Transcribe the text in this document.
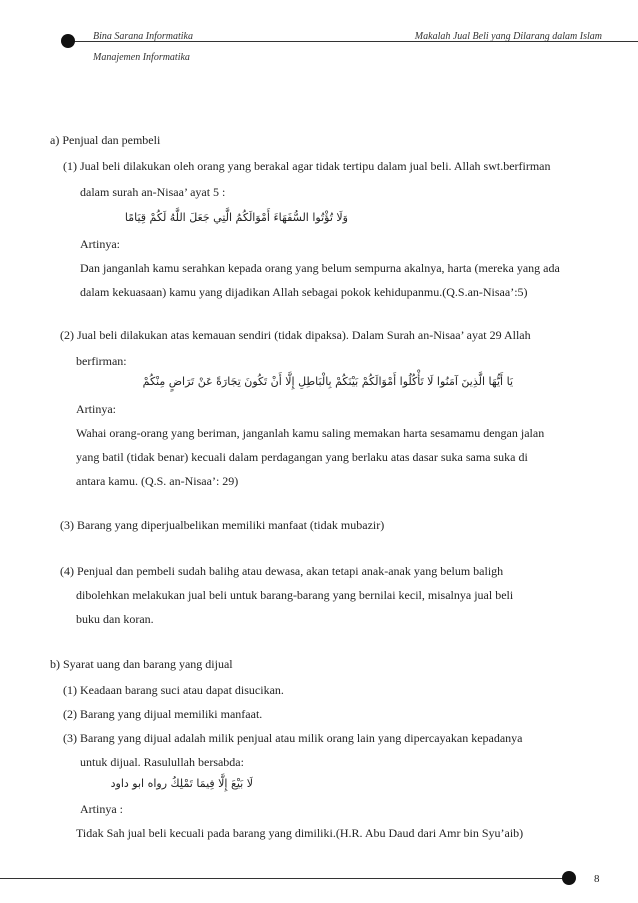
Bina Sarana Informatika
Manajemen Informatika
Makalah Jual Beli yang Dilarang dalam Islam
a) Penjual dan pembeli
(1) Jual beli dilakukan oleh orang yang berakal agar tidak tertipu dalam jual beli. Allah swt.berfirman
dalam surah an-Nisaa’ ayat 5 :
وَلَا تُؤْتُوا السُّفَهَاءَ أَمْوَالَكُمُ الَّتِي جَعَلَ اللَّهُ لَكُمْ قِيَامًا
Artinya:
Dan janganlah kamu serahkan kepada orang yang belum sempurna akalnya, harta (mereka yang ada
dalam kekuasaan) kamu yang dijadikan Allah sebagai pokok kehidupanmu.(Q.S.an-Nisaa’:5)
(2) Jual beli dilakukan atas kemauan sendiri (tidak dipaksa). Dalam Surah an-Nisaa’ ayat 29 Allah
berfirman:
يَا أَيُّهَا الَّذِينَ آمَنُوا لَا تَأْكُلُوا أَمْوَالَكُمْ بَيْنَكُمْ بِالْبَاطِلِ إِلَّا أَنْ تَكُونَ تِجَارَةً عَنْ تَرَاضٍ مِنْكُمْ
Artinya:
Wahai orang-orang yang beriman, janganlah kamu saling memakan harta sesamamu dengan jalan
yang batil (tidak benar) kecuali dalam perdagangan yang berlaku atas dasar suka sama suka di
antara kamu. (Q.S. an-Nisaa’: 29)
(3) Barang yang diperjualbelikan memiliki manfaat (tidak mubazir)
(4) Penjual dan pembeli sudah balihg atau dewasa, akan tetapi anak-anak yang belum baligh
dibolehkan melakukan jual beli untuk barang-barang yang bernilai kecil, misalnya jual beli
buku dan koran.
b) Syarat uang dan barang yang dijual
(1) Keadaan barang suci atau dapat disucikan.
(2) Barang yang dijual memiliki manfaat.
(3) Barang yang dijual adalah milik penjual atau milik orang lain yang dipercayakan kepadanya
untuk dijual. Rasulullah bersabda:
لَا بَيْعَ إِلَّا فِيمَا تَمْلِكُ رواه ابو داود
Artinya :
Tidak Sah jual beli kecuali pada barang yang dimiliki.(H.R. Abu Daud dari Amr bin Syu’aib)
8
